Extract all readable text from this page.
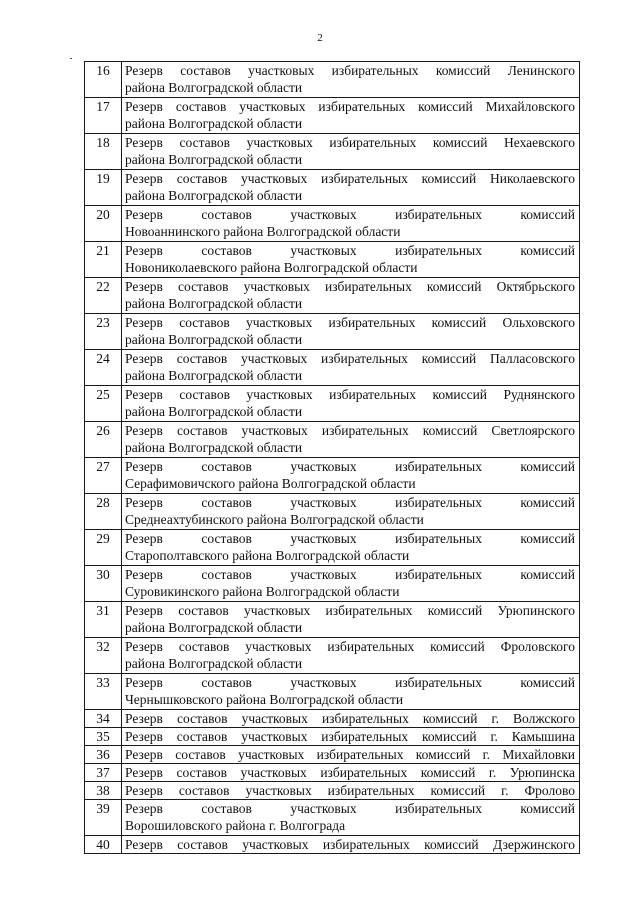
2
16	Резерв составов участковых избирательных комиссий Ленинского
района Волгоградской области

17	Резерв составов участковых избирательных комиссий Михайловского
района Волгоградской области

18	Резерв составов участковых избирательных комиссий Нехаевского
района Волгоградской области

19	Резерв составов участковых избирательных комиссий Николаевского
района Волгоградской области

20	Резерв составов участковых избирательных комиссий
Новоаннинского района Волгоградской области

21	Резерв составов участковых избирательных комиссий
Новониколаевского района Волгоградской области

22	Резерв составов участковых избирательных комиссий Октябрьского
района Волгоградской области

23	Резерв составов участковых избирательных комиссий Ольховского
района Волгоградской области

24	Резерв составов участковых избирательных комиссий Палласовского
района Волгоградской области

25	Резерв составов участковых избирательных комиссий Руднянского
района Волгоградской области

26	Резерв составов участковых избирательных комиссий Светлоярского
района Волгоградской области

27	Резерв составов участковых избирательных комиссий
Серафимовичского района Волгоградской области

28	Резерв составов участковых избирательных комиссий
Среднеахтубинского района Волгоградской области

29	Резерв составов участковых избирательных комиссий
Старополтавского района Волгоградской области

30	Резерв составов участковых избирательных комиссий
Суровикинского района Волгоградской области

31	Резерв составов участковых избирательных комиссий Урюпинского
района Волгоградской области

32	Резерв составов участковых избирательных комиссий Фроловского
района Волгоградской области

33	Резерв составов участковых избирательных комиссий
Чернышковского района Волгоградской области

34	Резерв составов участковых избирательных комиссий г. Волжского

35	Резерв составов участковых избирательных комиссий г. Камышина

36	Резерв составов участковых избирательных комиссий г. Михайловки

37	Резерв составов участковых избирательных комиссий г. Урюпинска

38	Резерв составов участковых избирательных комиссий г. Фролово

39	Резерв составов участковых избирательных комиссий
Ворошиловского района г. Волгограда

40	Резерв составов участковых избирательных комиссий Дзержинского
